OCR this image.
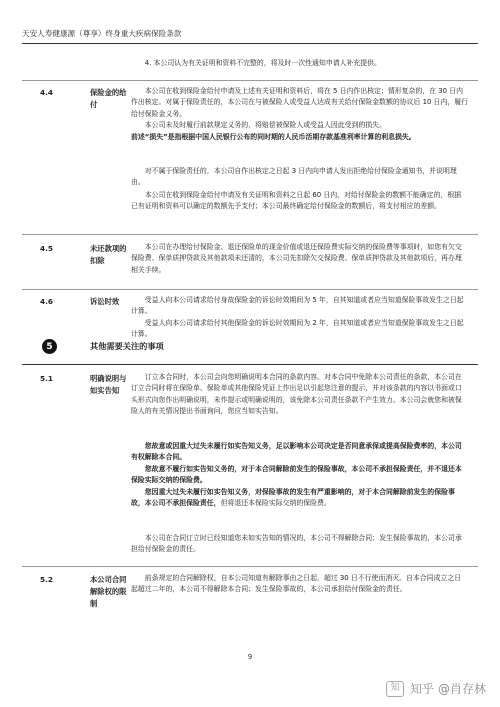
天安人寿健康源（尊享）终身重大疾病保险条款

4. 本公司认为有关证明和资料不完整的，将及时一次性通知申请人补充提供。

4.4	保险金的给付

本公司在收到保险金给付申请及上述有关证明和资料后，将在 5 日内作出核定；情形复杂的，在 30 日内作出核定。对属于保险责任的，本公司在与被保险人或受益人达成有关给付保险金数额的协议后 10 日内，履行给付保险金义务。

本公司未及时履行前款规定义务的，将赔偿被保险人或受益人因此受到的损失。

前述“损失”是指根据中国人民银行公布的同时期的人民币活期存款基准利率计算的利息损失。

对不属于保险责任的，本公司自作出核定之日起 3 日内向申请人发出拒绝给付保险金通知书，并说明理由。

本公司在收到保险金给付申请及有关证明和资料之日起 60 日内，对给付保险金的数额不能确定的，根据已有证明和资料可以确定的数额先予支付；本公司最终确定给付保险金的数额后，将支付相应的差额。

4.5	未还款项的扣除

本公司在办理给付保险金、退还保险单的现金价值或退还保险费实际交纳的保险费等事项时，如您有欠交保险费、保单质押贷款及其他款项未还清的，本公司先扣除欠交保险费、保单质押贷款及其他款项后，再办理相关手续。

4.6	诉讼时效	受益人向本公司请求给付身故保险金的诉讼时效期间为 5 年，自其知道或者应当知道保险事故发生之日起计算。

受益人向本公司请求给付其他保险金的诉讼时效期间为 2 年，自其知道或者应当知道保险事故发生之日起计算。

5	其他需要关注的事项
5.1	明确说明与如实告知

订立本合同时，本公司会向您明确说明本合同的条款内容。对本合同中免除本公司责任的条款，本公司在订立合同时将在保险单、保险单或其他保险凭证上作出足以引起您注意的提示，并对该条款的内容以书面或口头形式向您作出明确说明，未作提示或明确说明的，该免除本公司责任条款不产生效力。本公司会就您和被保险人的有关情况提出书面询问，您应当如实告知。

您故意或因重大过失未履行如实告知义务，足以影响本公司决定是否同意承保或提高保险费率的，本公司有权解除本合同。

您故意不履行如实告知义务的，对于本合同解除前发生的保险事故，本公司不承担保险责任，并不退还本保险实际交纳的保险费。

您因重大过失未履行如实告知义务，对保险事故的发生有严重影响的，对于本合同解除前发生的保险事故，本公司不承担保险责任，但将退还本保险实际交纳的保险费。

本公司在合同订立时已经知道您未如实告知的情况的，本公司不得解除合同；发生保险事故的，本公司承担给付保险金的责任。

5.2	本公司合同解除权的限制

前条规定的合同解除权，自本公司知道有解除事由之日起，超过 30 日不行使而消灭。自本合同成立之日起超过二年的，本公司不得解除本合同；发生保险事故的，本公司承担给付保险金的责任。

9
知 知乎 @肖存林
